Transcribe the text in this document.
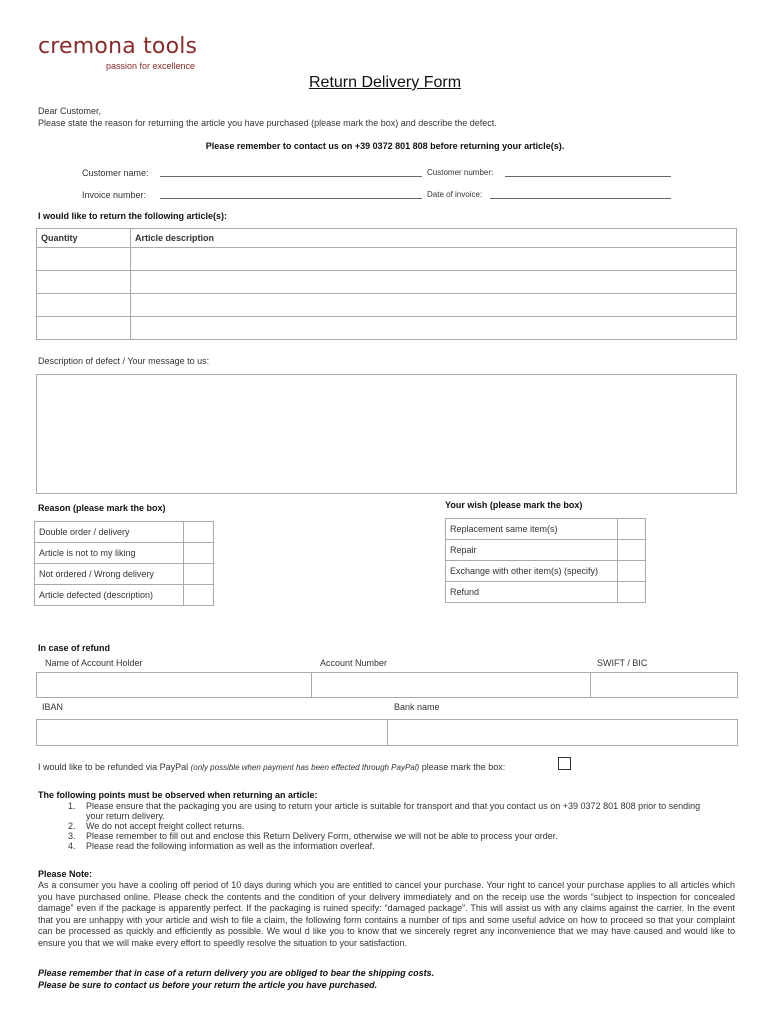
cremona tools
passion for excellence
Return Delivery Form
Dear Customer,
Please state the reason for returning the article you have purchased (please mark the box) and describe the defect.
Please remember to contact us on +39 0372 801 808 before returning your article(s).
Customer name:	Customer number:
Invoice number:	Date of invoice:
I would like to return the following article(s):
Quantity	Article description

Description of defect / Your message to us:
Reason (please mark the box)
Double order / delivery	
Article is not to my liking	
Not ordered / Wrong delivery	
Article defected (description)	
Your wish (please mark the box)
Replacement same item(s)	
Repair	
Exchange with other item(s) (specify)	
Refund	
In case of refund
Name of Account Holder	Account Number	SWIFT / BIC
IBAN	Bank name
I would like to be refunded via PayPal (only possible when payment has been effected through PayPal) please mark the box:
The following points must be observed when returning an article:
1. Please ensure that the packaging you are using to return your article is suitable for transport and that you contact us on +39 0372 801 808 prior to sending your return delivery.
2. We do not accept freight collect returns.
3. Please remember to fill out and enclose this Return Delivery Form, otherwise we will not be able to process your order.
4. Please read the following information as well as the information overleaf.
Please Note:
As a consumer you have a cooling off period of 10 days during which you are entitled to cancel your purchase. Your right to cancel your purchase applies to all articles which you have purchased online. Please check the contents and the condition of your delivery immediately and on the receip use the words “subject to inspection for concealed damage” even if the package is apparently perfect. If the packaging is ruined specify: “damaged package”. This will assist us with any claims against the carrier. In the event that you are unhappy with your article and wish to file a claim, the following form contains a number of tips and some useful advice on how to proceed so that your complaint can be processed as quickly and efficiently as possible. We woul d like you to know that we sincerely regret any inconvenience that we may have caused and would like to ensure you that we will make every effort to speedly resolve the situation to your satisfaction.
Please remember that in case of a return delivery you are obliged to bear the shipping costs.
Please be sure to contact us before your return the article you have purchased.
